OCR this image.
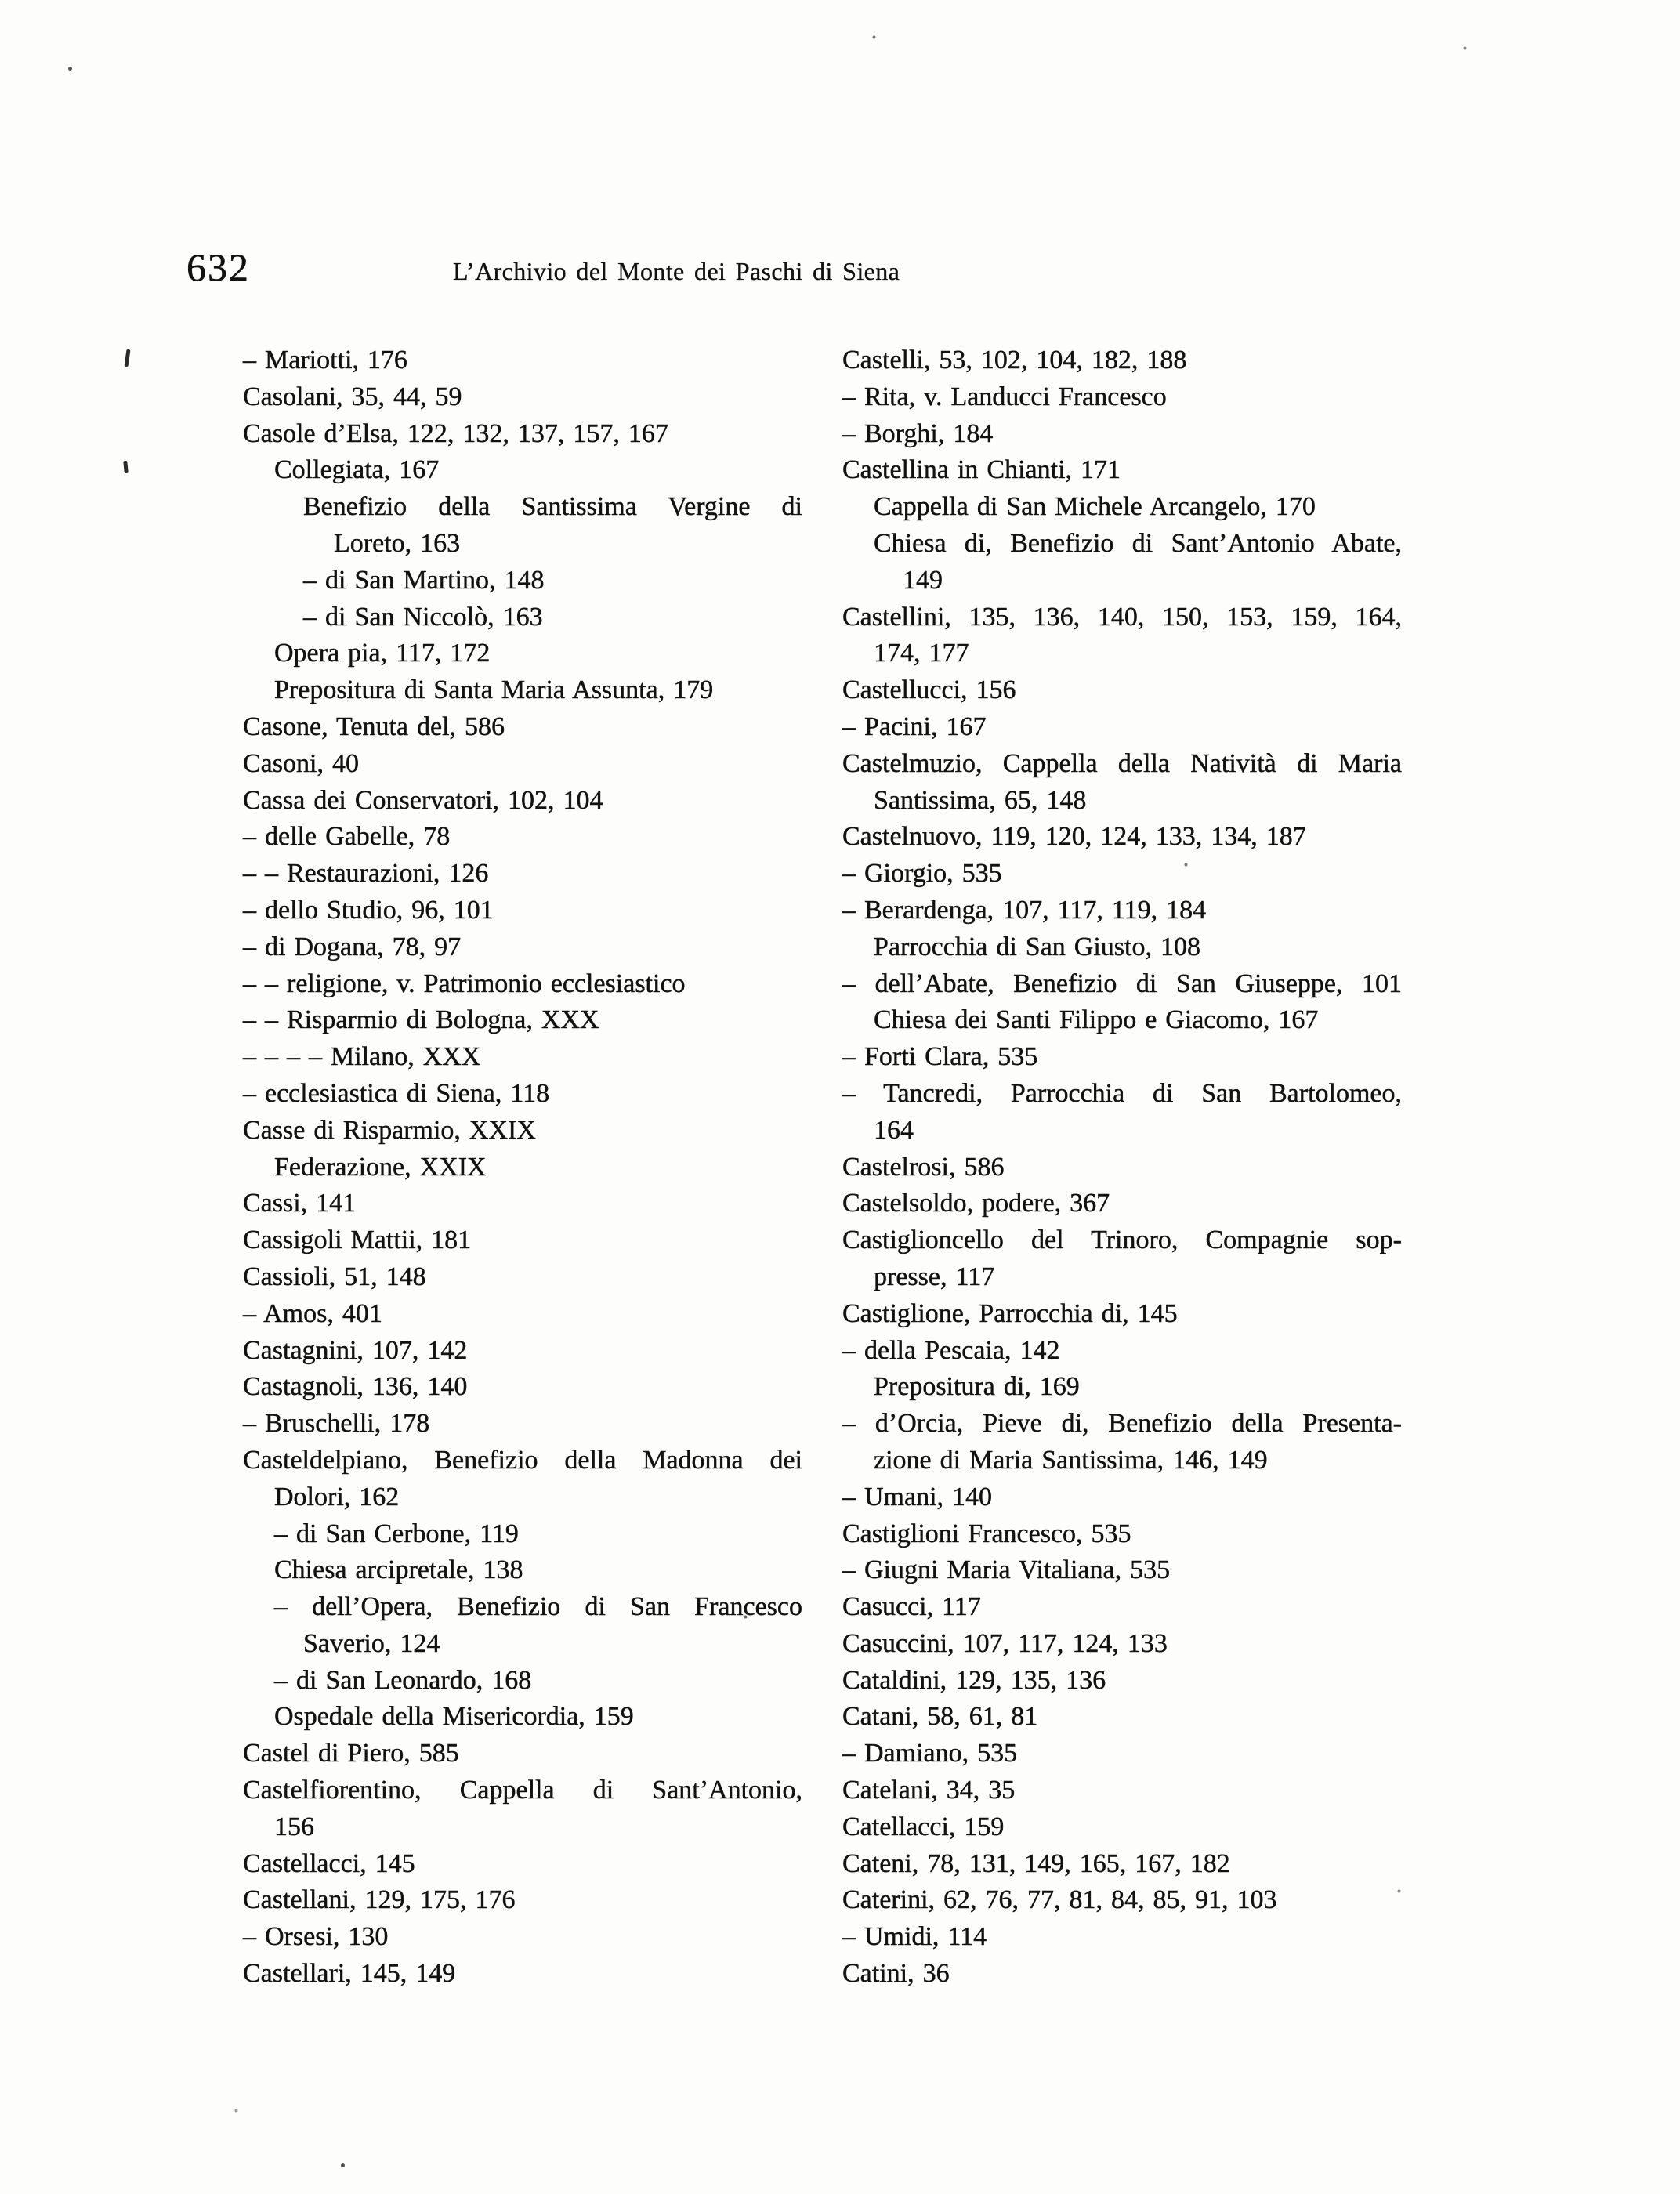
632	L’Archivio del Monte dei Paschi di Siena
– Mariotti, 176
Casolani, 35, 44, 59
Casole d’Elsa, 122, 132, 137, 157, 167
Collegiata, 167
Benefizio della Santissima Vergine di
Loreto, 163
– di San Martino, 148
– di San Niccolò, 163
Opera pia, 117, 172
Prepositura di Santa Maria Assunta, 179
Casone, Tenuta del, 586
Casoni, 40
Cassa dei Conservatori, 102, 104
– delle Gabelle, 78
– – Restaurazioni, 126
– dello Studio, 96, 101
– di Dogana, 78, 97
– – religione, v. Patrimonio ecclesiastico
– – Risparmio di Bologna, XXX
– – – – Milano, XXX
– ecclesiastica di Siena, 118
Casse di Risparmio, XXIX
Federazione, XXIX
Cassi, 141
Cassigoli Mattii, 181
Cassioli, 51, 148
– Amos, 401
Castagnini, 107, 142
Castagnoli, 136, 140
– Bruschelli, 178
Casteldelpiano, Benefizio della Madonna dei
Dolori, 162
– di San Cerbone, 119
Chiesa arcipretale, 138
– dell’Opera, Benefizio di San Francesco
Saverio, 124
– di San Leonardo, 168
Ospedale della Misericordia, 159
Castel di Piero, 585
Castelfiorentino, Cappella di Sant’Antonio,
156
Castellacci, 145
Castellani, 129, 175, 176
– Orsesi, 130
Castellari, 145, 149
Castelli, 53, 102, 104, 182, 188
– Rita, v. Landucci Francesco
– Borghi, 184
Castellina in Chianti, 171
Cappella di San Michele Arcangelo, 170
Chiesa di, Benefizio di Sant’Antonio Abate,
149
Castellini, 135, 136, 140, 150, 153, 159, 164,
174, 177
Castellucci, 156
– Pacini, 167
Castelmuzio, Cappella della Natività di Maria
Santissima, 65, 148
Castelnuovo, 119, 120, 124, 133, 134, 187
– Giorgio, 535
– Berardenga, 107, 117, 119, 184
Parrocchia di San Giusto, 108
– dell’Abate, Benefizio di San Giuseppe, 101
Chiesa dei Santi Filippo e Giacomo, 167
– Forti Clara, 535
– Tancredi, Parrocchia di San Bartolomeo,
164
Castelrosi, 586
Castelsoldo, podere, 367
Castiglioncello del Trinoro, Compagnie sop-
presse, 117
Castiglione, Parrocchia di, 145
– della Pescaia, 142
Prepositura di, 169
– d’Orcia, Pieve di, Benefizio della Presenta-
zione di Maria Santissima, 146, 149
– Umani, 140
Castiglioni Francesco, 535
– Giugni Maria Vitaliana, 535
Casucci, 117
Casuccini, 107, 117, 124, 133
Cataldini, 129, 135, 136
Catani, 58, 61, 81
– Damiano, 535
Catelani, 34, 35
Catellacci, 159
Cateni, 78, 131, 149, 165, 167, 182
Caterini, 62, 76, 77, 81, 84, 85, 91, 103
– Umidi, 114
Catini, 36
